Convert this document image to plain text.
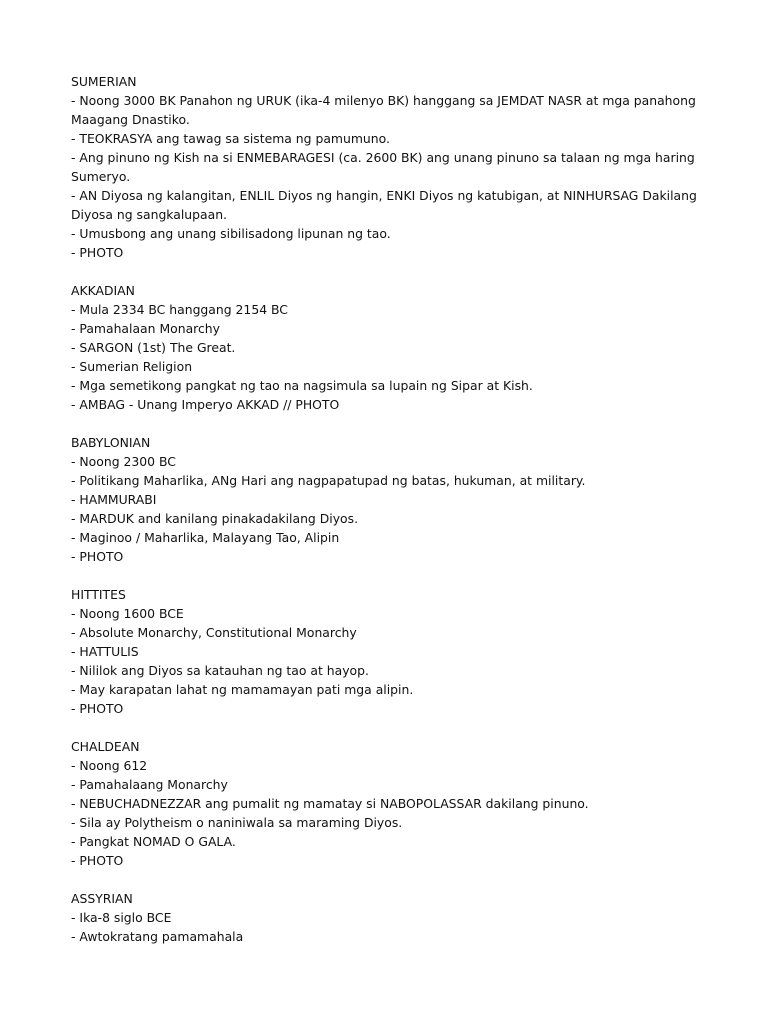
SUMERIAN
- Noong 3000 BK Panahon ng URUK (ika-4 milenyo BK) hanggang sa JEMDAT NASR at mga panahong Maagang Dnastiko.
- TEOKRASYA ang tawag sa sistema ng pamumuno.
- Ang pinuno ng Kish na si ENMEBARAGESI (ca. 2600 BK) ang unang pinuno sa talaan ng mga haring Sumeryo.
- AN Diyosa ng kalangitan, ENLIL Diyos ng hangin, ENKI Diyos ng katubigan, at NINHURSAG Dakilang Diyosa ng sangkalupaan.
- Umusbong ang unang sibilisadong lipunan ng tao.
- PHOTO
AKKADIAN
- Mula 2334 BC hanggang 2154 BC
- Pamahalaan Monarchy
- SARGON (1st) The Great.
- Sumerian Religion
- Mga semetikong pangkat ng tao na nagsimula sa lupain ng Sipar at Kish.
- AMBAG - Unang Imperyo AKKAD // PHOTO
BABYLONIAN
- Noong 2300 BC
- Politikang Maharlika, ANg Hari ang nagpapatupad ng batas, hukuman, at military.
- HAMMURABI
- MARDUK and kanilang pinakadakilang Diyos.
- Maginoo / Maharlika, Malayang Tao, Alipin
- PHOTO
HITTITES
- Noong 1600 BCE
- Absolute Monarchy, Constitutional Monarchy
- HATTULIS
- Nililok ang Diyos sa katauhan ng tao at hayop.
- May karapatan lahat ng mamamayan pati mga alipin.
- PHOTO
CHALDEAN
- Noong 612
- Pamahalaang Monarchy
- NEBUCHADNEZZAR ang pumalit ng mamatay si NABOPOLASSAR dakilang pinuno.
- Sila ay Polytheism o naniniwala sa maraming Diyos.
- Pangkat NOMAD O GALA.
- PHOTO
ASSYRIAN
- Ika-8 siglo BCE
- Awtokratang pamamahala
